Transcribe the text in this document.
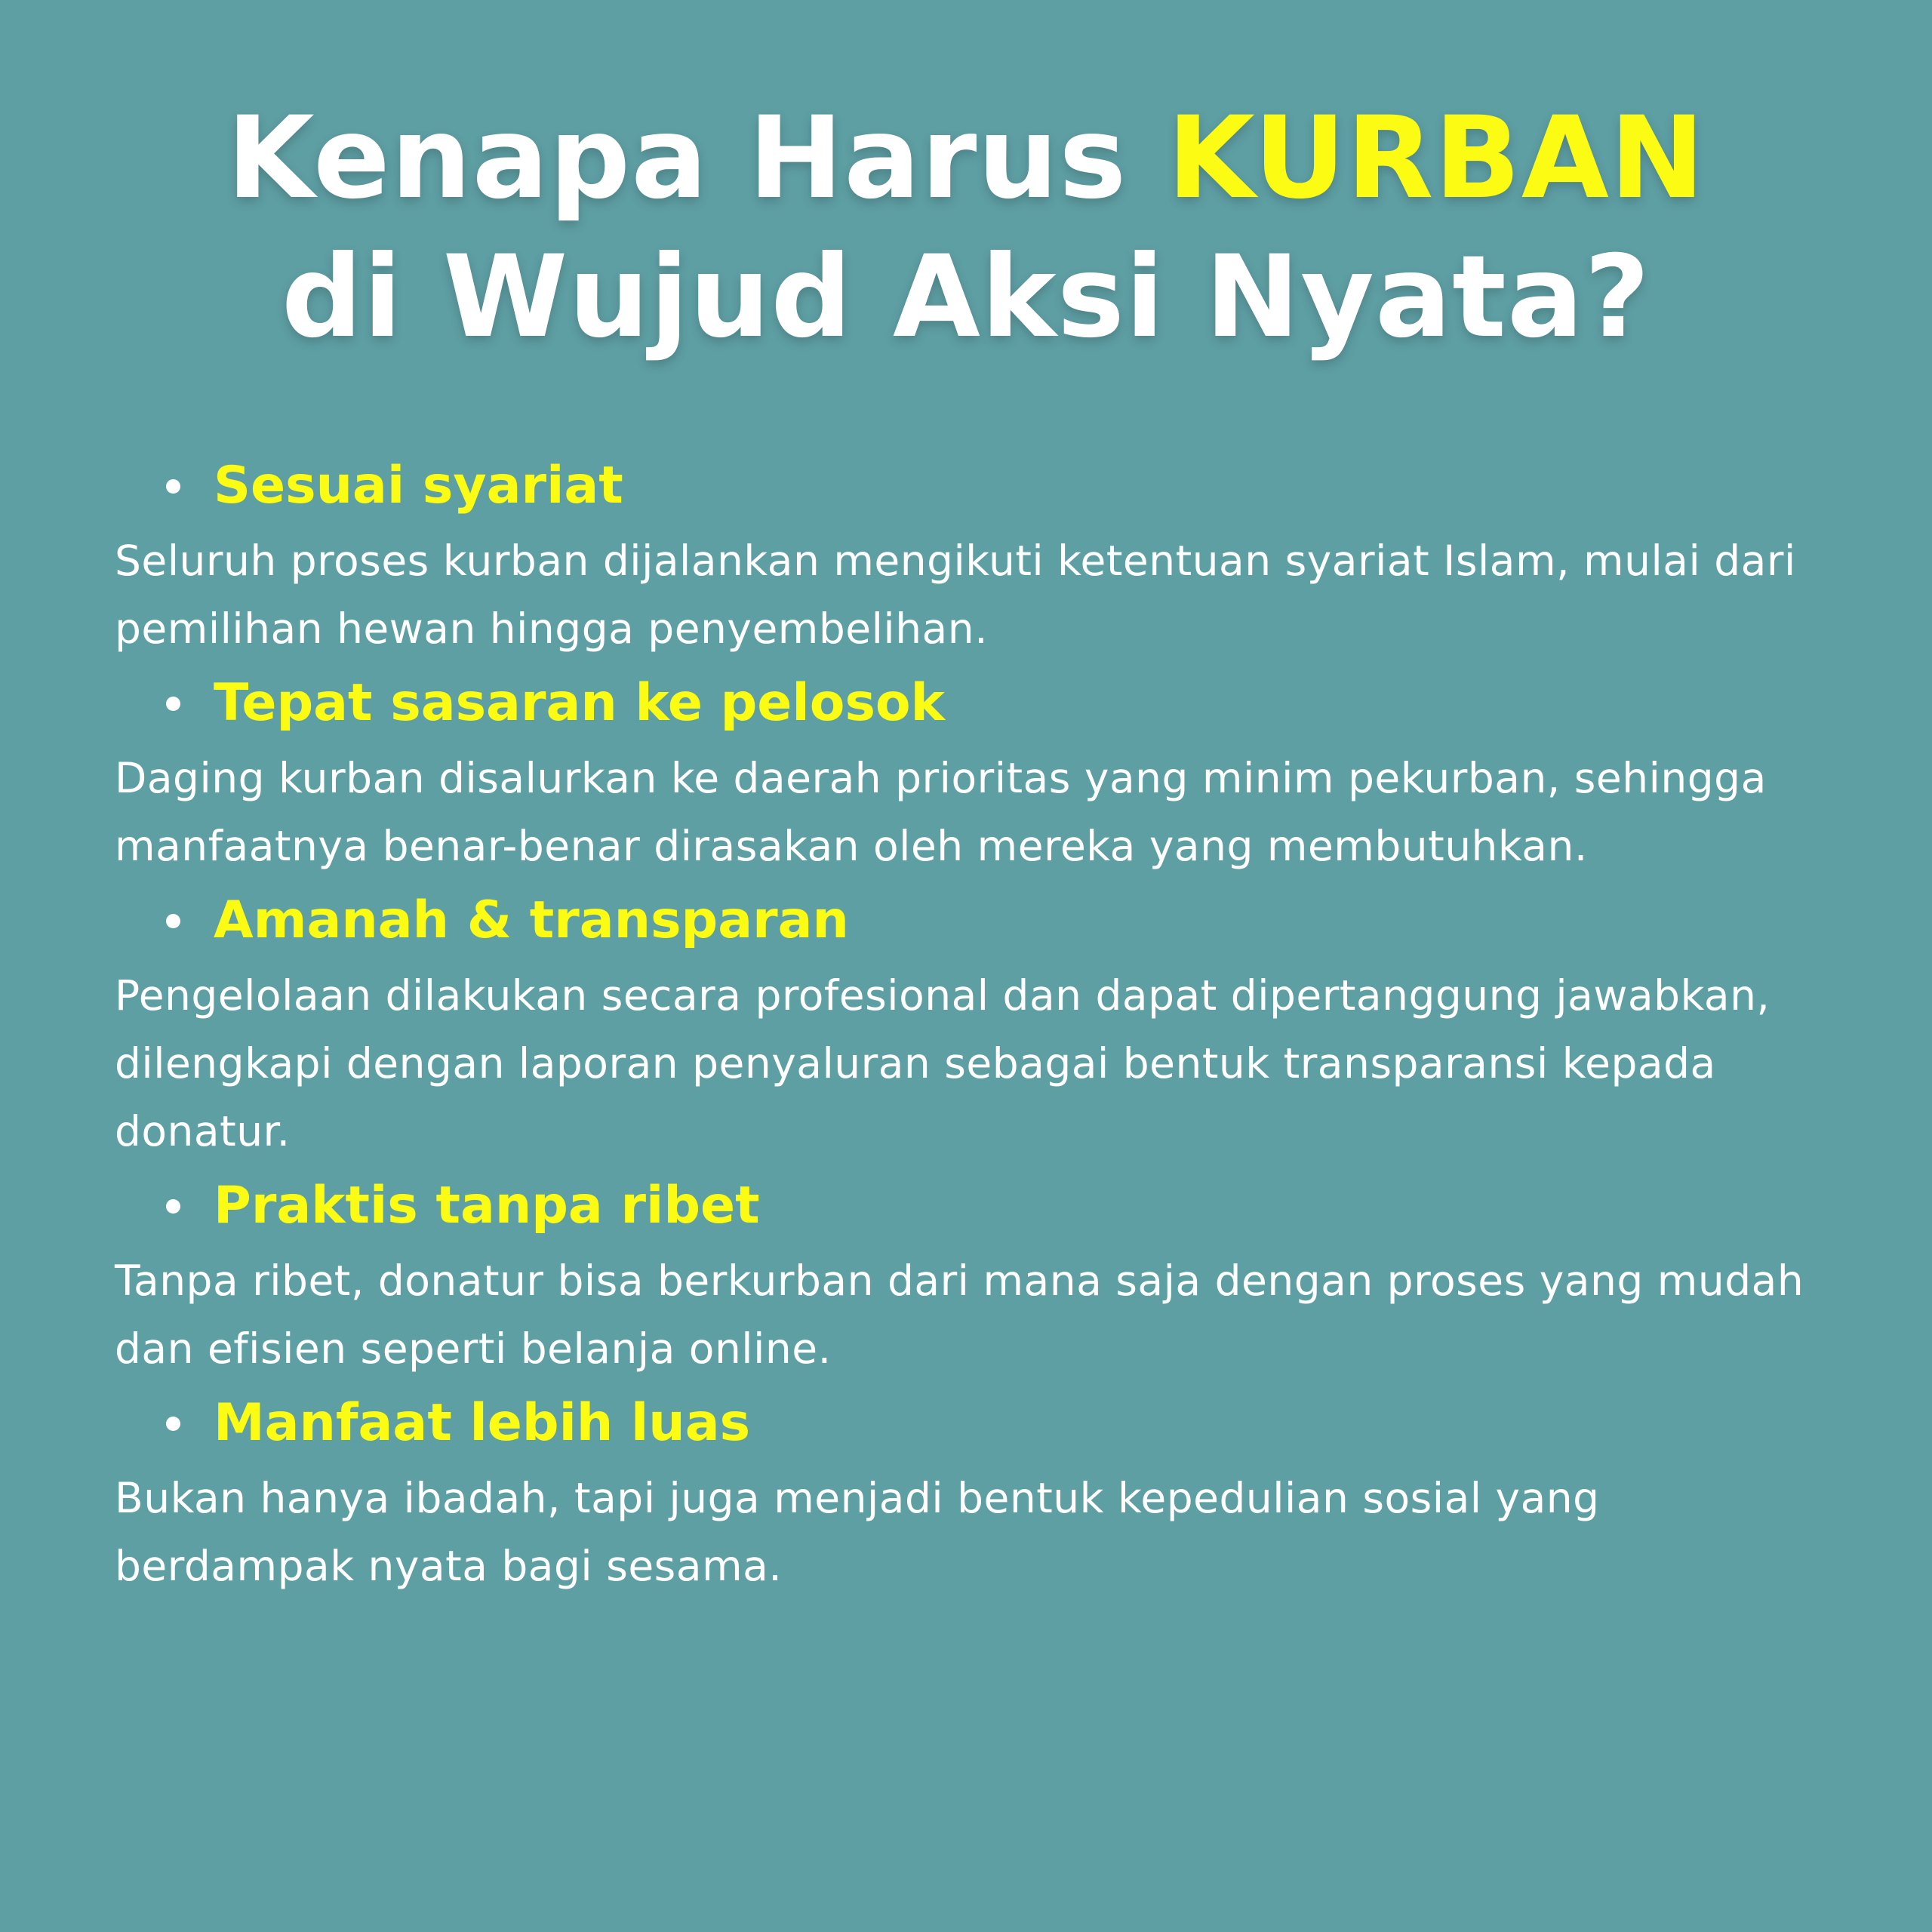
Kenapa Harus KURBAN
di Wujud Aksi Nyata?
Sesuai syariat

Seluruh proses kurban dijalankan mengikuti ketentuan syariat Islam, mulai dari pemilihan hewan hingga penyembelihan.

Tepat sasaran ke pelosok

Daging kurban disalurkan ke daerah prioritas yang minim pekurban, sehingga manfaatnya benar-benar dirasakan oleh mereka yang membutuhkan.

Amanah & transparan

Pengelolaan dilakukan secara profesional dan dapat dipertanggung jawabkan, dilengkapi dengan laporan penyaluran sebagai bentuk transparansi kepada donatur.

Praktis tanpa ribet

Tanpa ribet, donatur bisa berkurban dari mana saja dengan proses yang mudah dan efisien seperti belanja online.

Manfaat lebih luas

Bukan hanya ibadah, tapi juga menjadi bentuk kepedulian sosial yang berdampak nyata bagi sesama.
